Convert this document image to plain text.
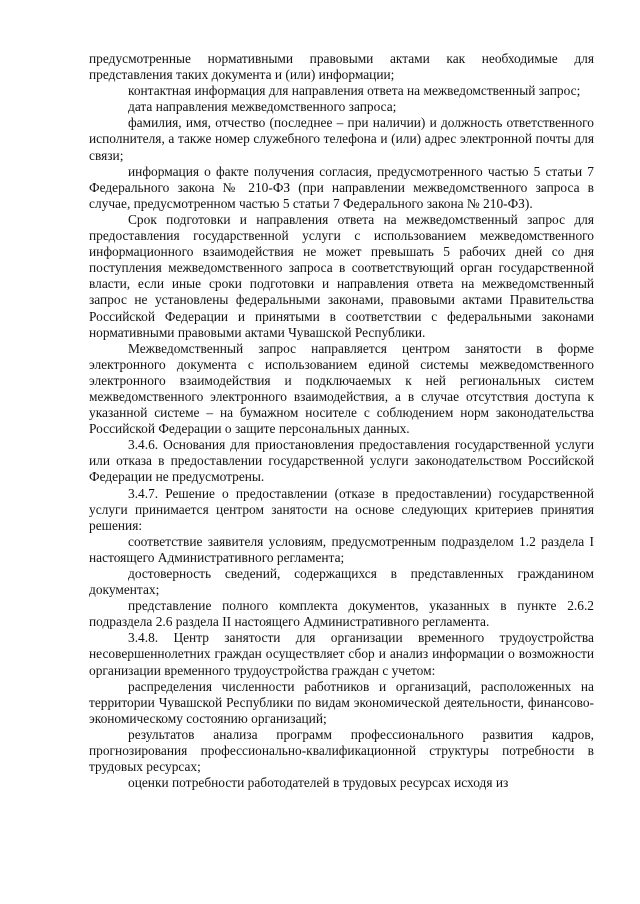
предусмотренные нормативными правовыми актами как необходимые для представления таких документа и (или) информации;

контактная информация для направления ответа на межведомственный запрос;

дата направления межведомственного запроса;

фамилия, имя, отчество (последнее – при наличии) и должность ответственного исполнителя, а также номер служебного телефона и (или) адрес электронной почты для связи;

информация о факте получения согласия, предусмотренного частью 5 статьи 7 Федерального закона № 210-ФЗ (при направлении межведомственного запроса в случае, предусмотренном частью 5 статьи 7 Федерального закона № 210-ФЗ).

Срок подготовки и направления ответа на межведомственный запрос для предоставления государственной услуги с использованием межведомственного информационного взаимодействия не может превышать 5 рабочих дней со дня поступления межведомственного запроса в соответствующий орган государственной власти, если иные сроки подготовки и направления ответа на межведомственный запрос не установлены федеральными законами, правовыми актами Правительства Российской Федерации и принятыми в соответствии с федеральными законами нормативными правовыми актами Чувашской Республики.

Межведомственный запрос направляется центром занятости в форме электронного документа с использованием единой системы межведомственного электронного взаимодействия и подключаемых к ней региональных систем межведомственного электронного взаимодействия, а в случае отсутствия доступа к указанной системе – на бумажном носителе с соблюдением норм законодательства Российской Федерации о защите персональных данных.

3.4.6. Основания для приостановления предоставления государственной услуги или отказа в предоставлении государственной услуги законодательством Российской Федерации не предусмотрены.

3.4.7. Решение о предоставлении (отказе в предоставлении) государственной услуги принимается центром занятости на основе следующих критериев принятия решения:

соответствие заявителя условиям, предусмотренным подразделом 1.2 раздела I настоящего Административного регламента;

достоверность сведений, содержащихся в представленных гражданином документах;

представление полного комплекта документов, указанных в пункте 2.6.2 подраздела 2.6 раздела II настоящего Административного регламента.

3.4.8. Центр занятости для организации временного трудоустройства несовершеннолетних граждан осуществляет сбор и анализ информации о возможности организации временного трудоустройства граждан с учетом:

распределения численности работников и организаций, расположенных на территории Чувашской Республики по видам экономической деятельности, финансово-экономическому состоянию организаций;

результатов анализа программ профессионального развития кадров, прогнозирования профессионально-квалификационной структуры потребности в трудовых ресурсах;

оценки потребности работодателей в трудовых ресурсах исходя из
